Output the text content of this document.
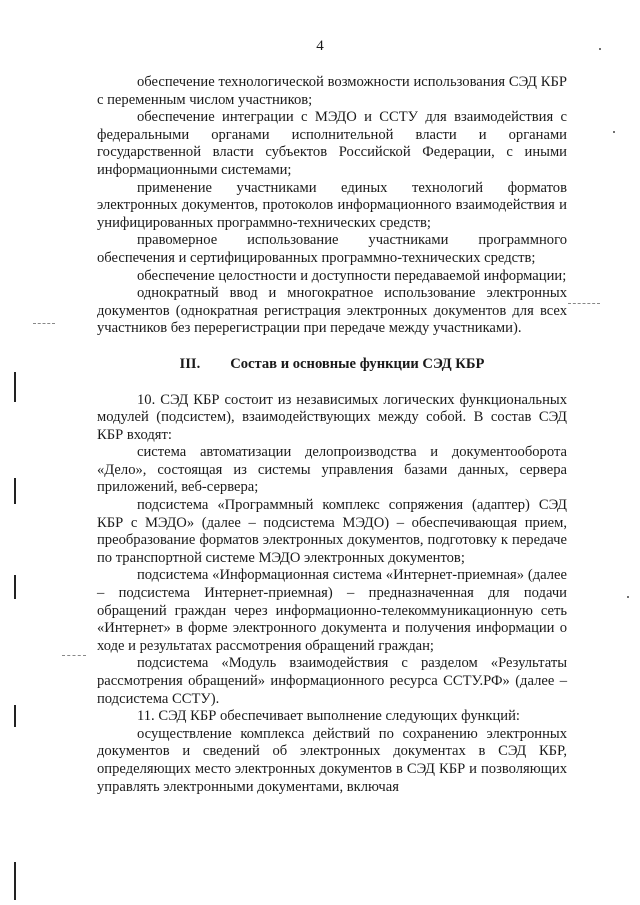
4

обеспечение технологической возможности использования СЭД КБР с переменным числом участников;

обеспечение интеграции с МЭДО и ССТУ для взаимодействия с федеральными органами исполнительной власти и органами государственной власти субъектов Российской Федерации, с иными информационными системами;

применение участниками единых технологий форматов электронных документов, протоколов информационного взаимодействия и унифицированных программно-технических средств;

правомерное использование участниками программного обеспечения и сертифицированных программно-технических средств;

обеспечение целостности и доступности передаваемой информации;

однократный ввод и многократное использование электронных документов (однократная регистрация электронных документов для всех участников без перерегистрации при передаче между участниками).

III. Состав и основные функции СЭД КБР

10. СЭД КБР состоит из независимых логических функциональных модулей (подсистем), взаимодействующих между собой. В состав СЭД КБР входят:

система автоматизации делопроизводства и документооборота «Дело», состоящая из системы управления базами данных, сервера приложений, веб-сервера;

подсистема «Программный комплекс сопряжения (адаптер) СЭД КБР с МЭДО» (далее – подсистема МЭДО) – обеспечивающая прием, преобразование форматов электронных документов, подготовку к передаче по транспортной системе МЭДО электронных документов;

подсистема «Информационная система «Интернет-приемная» (далее – подсистема Интернет-приемная) – предназначенная для подачи обращений граждан через информационно-телекоммуникационную сеть «Интернет» в форме электронного документа и получения информации о ходе и результатах рассмотрения обращений граждан;

подсистема «Модуль взаимодействия с разделом «Результаты рассмотрения обращений» информационного ресурса ССТУ.РФ» (далее – подсистема ССТУ).

11. СЭД КБР обеспечивает выполнение следующих функций:

осуществление комплекса действий по сохранению электронных документов и сведений об электронных документах в СЭД КБР, определяющих место электронных документов в СЭД КБР и позволяющих управлять электронными документами, включая
